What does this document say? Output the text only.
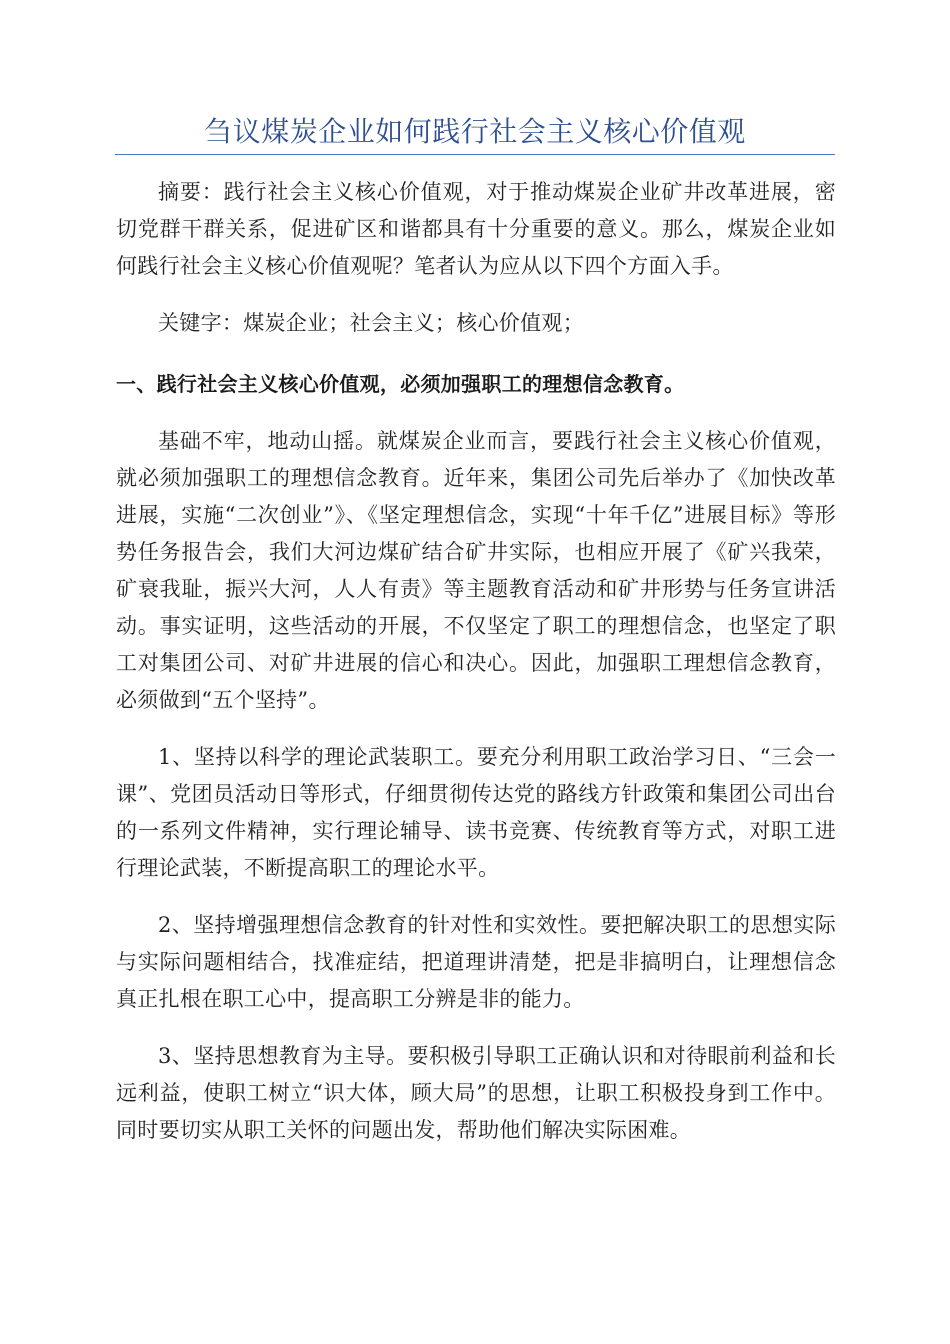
刍议煤炭企业如何践行社会主义核心价值观

摘要：践行社会主义核心价值观，对于推动煤炭企业矿井改革进展，密切党群干群关系，促进矿区和谐都具有十分重要的意义。那么，煤炭企业如何践行社会主义核心价值观呢？笔者认为应从以下四个方面入手。

关键字：煤炭企业；社会主义；核心价值观；

一、践行社会主义核心价值观，必须加强职工的理想信念教育。

基础不牢，地动山摇。就煤炭企业而言，要践行社会主义核心价值观，就必须加强职工的理想信念教育。近年来，集团公司先后举办了《加快改革进展，实施“二次创业”》、《坚定理想信念，实现“十年千亿”进展目标》等形势任务报告会，我们大河边煤矿结合矿井实际，也相应开展了《矿兴我荣，矿衰我耻，振兴大河，人人有责》等主题教育活动和矿井形势与任务宣讲活动。事实证明，这些活动的开展，不仅坚定了职工的理想信念，也坚定了职工对集团公司、对矿井进展的信心和决心。因此，加强职工理想信念教育，必须做到“五个坚持”。

1、坚持以科学的理论武装职工。要充分利用职工政治学习日、“三会一课”、党团员活动日等形式，仔细贯彻传达党的路线方针政策和集团公司出台的一系列文件精神，实行理论辅导、读书竞赛、传统教育等方式，对职工进行理论武装，不断提高职工的理论水平。

2、坚持增强理想信念教育的针对性和实效性。要把解决职工的思想实际与实际问题相结合，找准症结，把道理讲清楚，把是非搞明白，让理想信念真正扎根在职工心中，提高职工分辨是非的能力。

3、坚持思想教育为主导。要积极引导职工正确认识和对待眼前利益和长远利益，使职工树立“识大体，顾大局”的思想，让职工积极投身到工作中。同时要切实从职工关怀的问题出发，帮助他们解决实际困难。
